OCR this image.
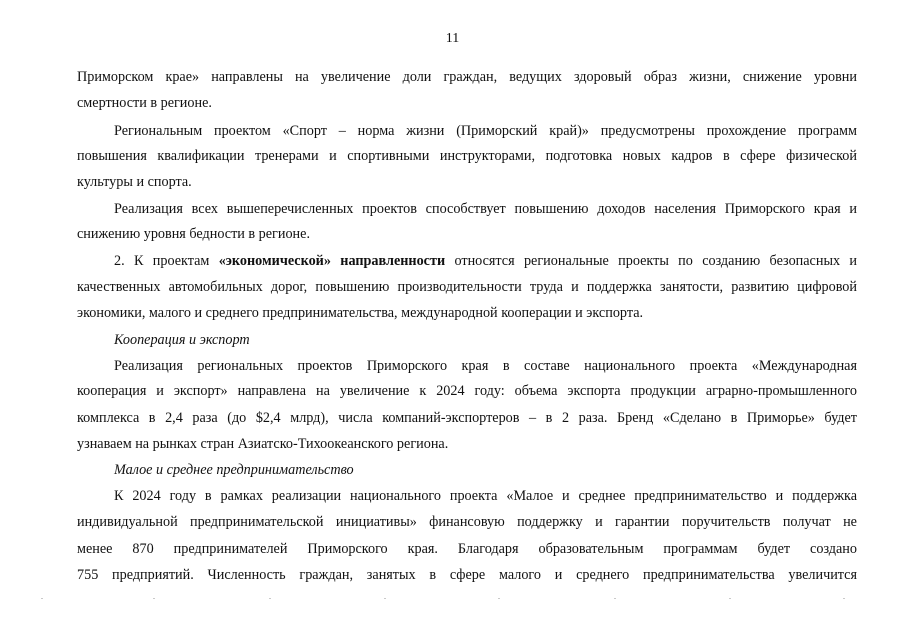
11
Приморском крае» направлены на увеличение доли граждан, ведущих здоровый образ жизни, снижение уровни
смертности в регионе.
Региональным проектом «Спорт – норма жизни (Приморский край)» предусмотрены прохождение программ
повышения квалификации тренерами и спортивными инструкторами, подготовка новых кадров в сфере физической
культуры и спорта.
Реализация всех вышеперечисленных проектов способствует повышению доходов населения Приморского края и
снижению уровня бедности в регионе.
2. К проектам «экономической» направленности относятся региональные проекты по созданию безопасных и
качественных автомобильных дорог, повышению производительности труда и поддержка занятости, развитию цифровой
экономики, малого и среднего предпринимательства, международной кооперации и экспорта.
Кооперация и экспорт
Реализация региональных проектов Приморского края в составе национального проекта «Международная
кооперация и экспорт» направлена на увеличение к 2024 году: объема экспорта продукции аграрно-промышленного
комплекса в 2,4 раза (до $2,4 млрд), числа компаний-экспортеров – в 2 раза. Бренд «Сделано в Приморье» будет
узнаваем на рынках стран Азиатско-Тихоокеанского региона.
Малое и среднее предпринимательство
К 2024 году в рамках реализации национального проекта «Малое и среднее предпринимательство и поддержка
индивидуальной предпринимательской инициативы» финансовую поддержку и гарантии поручительств получат не
менее 870 предпринимателей Приморского края. Благодаря образовательным программам будет создано
755 предприятий. Численность граждан, занятых в сфере малого и среднего предпринимательства увеличится
